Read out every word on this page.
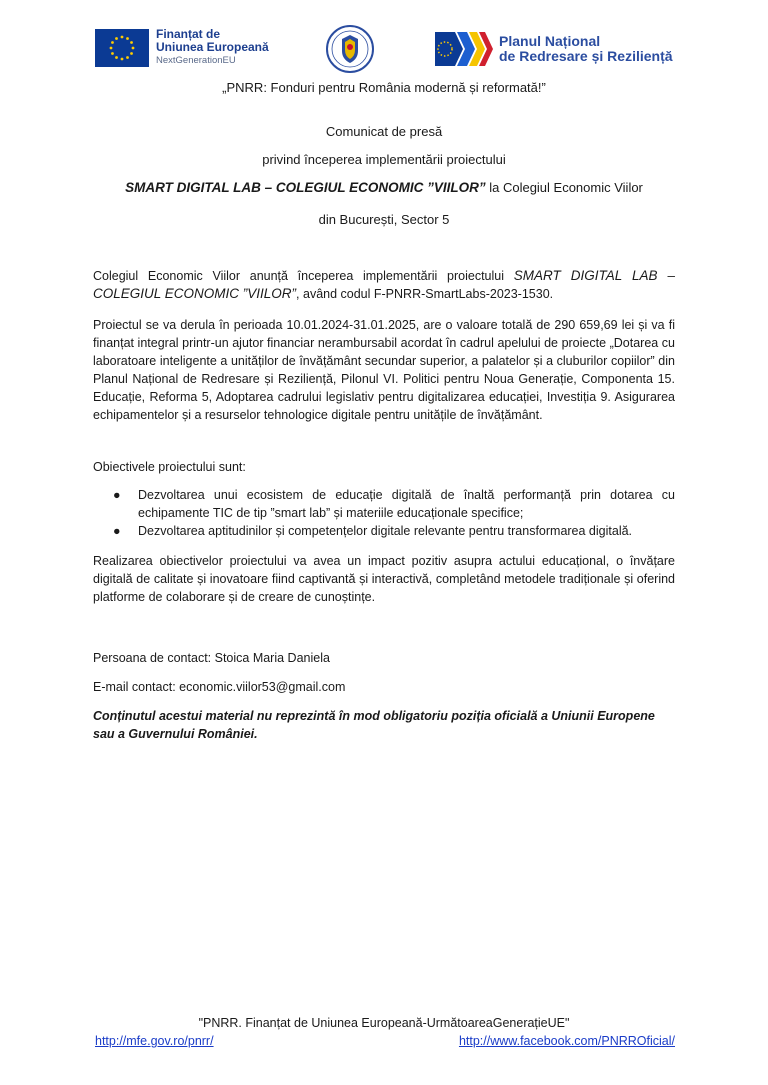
Finanțat de
Uniunea Europeană
NextGenerationEU
Planul Național
de Redresare și Reziliență
„PNRR: Fonduri pentru România modernă și reformată!”
Comunicat de presă
privind începerea implementării proiectului
SMART DIGITAL LAB – COLEGIUL ECONOMIC ”VIILOR” la Colegiul Economic Viilor
din București, Sector 5
Colegiul Economic Viilor anunță începerea implementării proiectului SMART DIGITAL LAB – COLEGIUL ECONOMIC ”VIILOR”, având codul F-PNRR-SmartLabs-2023-1530.
Proiectul se va derula în perioada 10.01.2024-31.01.2025, are o valoare totală de 290 659,69 lei și va fi finanțat integral printr-un ajutor financiar nerambursabil acordat în cadrul apelului de proiecte „Dotarea cu laboratoare inteligente a unităților de învățământ secundar superior, a palatelor și a cluburilor copiilor” din Planul Național de Redresare și Reziliență, Pilonul VI. Politici pentru Noua Generație, Componenta 15. Educație, Reforma 5, Adoptarea cadrului legislativ pentru digitalizarea educației, Investiția 9. Asigurarea echipamentelor și a resurselor tehnologice digitale pentru unitățile de învățământ.
Obiectivele proiectului sunt:
●	Dezvoltarea unui ecosistem de educație digitală de înaltă performanță prin dotarea cu echipamente TIC de tip ”smart lab” și materiile educaționale specifice;
●	Dezvoltarea aptitudinilor și competențelor digitale relevante pentru transformarea digitală.
Realizarea obiectivelor proiectului va avea un impact pozitiv asupra actului educațional, o învățare digitală de calitate și inovatoare fiind captivantă și interactivă, completând metodele tradiționale și oferind platforme de colaborare și de creare de cunoștințe.
Persoana de contact: Stoica Maria Daniela
E-mail contact: economic.viilor53@gmail.com
Conținutul acestui material nu reprezintă în mod obligatoriu poziția oficială a Uniunii Europene sau a Guvernului României.
"PNRR. Finanțat de Uniunea Europeană-UrmătoareaGenerațieUE"
http://mfe.gov.ro/pnrr/	http://www.facebook.com/PNRROficial/
